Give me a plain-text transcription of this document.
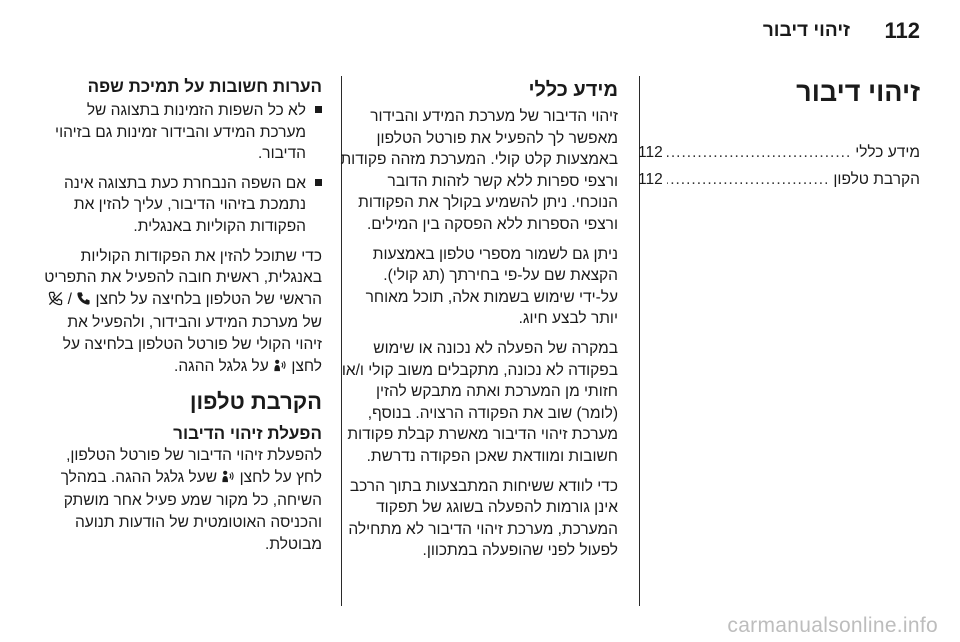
112
זיהוי דיבור
זיהוי דיבור
מידע כללי
.....
112
הקרבת טלפון
.....
112
מידע כללי

זיהוי הדיבור של מערכת המידע והבידור מאפשר לך להפעיל את פורטל הטלפון באמצעות קלט קולי. המערכת מזהה פקודות ורצפי ספרות ללא קשר לזהות הדובר הנוכחי. ניתן להשמיע בקולך את הפקודות ורצפי הספרות ללא הפסקה בין המילים.

ניתן גם לשמור מספרי טלפון באמצעות הקצאת שם על-פי בחירתך (תג קולי). על-ידי שימוש בשמות אלה, תוכל מאוחר יותר לבצע חיוג.

במקרה של הפעלה לא נכונה או שימוש בפקודה לא נכונה, מתקבלים משוב קולי ו/או חזותי מן המערכת ואתה מתבקש להזין (לומר) שוב את הפקודה הרצויה. בנוסף, מערכת זיהוי הדיבור מאשרת קבלת פקודות חשובות ומוודאת שאכן הפקודה נדרשת.

כדי לוודא ששיחות המתבצעות בתוך הרכב אינן גורמות להפעלה בשוגג של תפקוד המערכת, מערכת זיהוי הדיבור לא מתחילה לפעול לפני שהופעלה במתכוון.

הערות חשובות על תמיכת שפה
לא כל השפות הזמינות בתצוגה של מערכת המידע והבידור זמינות גם בזיהוי הדיבור.
אם השפה הנבחרת כעת בתצוגה אינה נתמכת בזיהוי הדיבור, עליך להזין את הפקודות הקוליות באנגלית.

כדי שתוכל להזין את הפקודות הקוליות באנגלית, ראשית חובה להפעיל את התפריט הראשי של הטלפון בלחיצה על לחצן  /  של מערכת המידע והבידור, ולהפעיל את זיהוי הקולי של פורטל הטלפון בלחיצה על לחצן  על גלגל ההגה.

הקרבת טלפון
הפעלת זיהוי הדיבור

להפעלת זיהוי הדיבור של פורטל הטלפון, לחץ על לחצן  שעל גלגל ההגה. במהלך השיחה, כל מקור שמע פעיל אחר מושתק והכניסה האוטומטית של הודעות תנועה מבוטלת.

carmanualsonline.info
